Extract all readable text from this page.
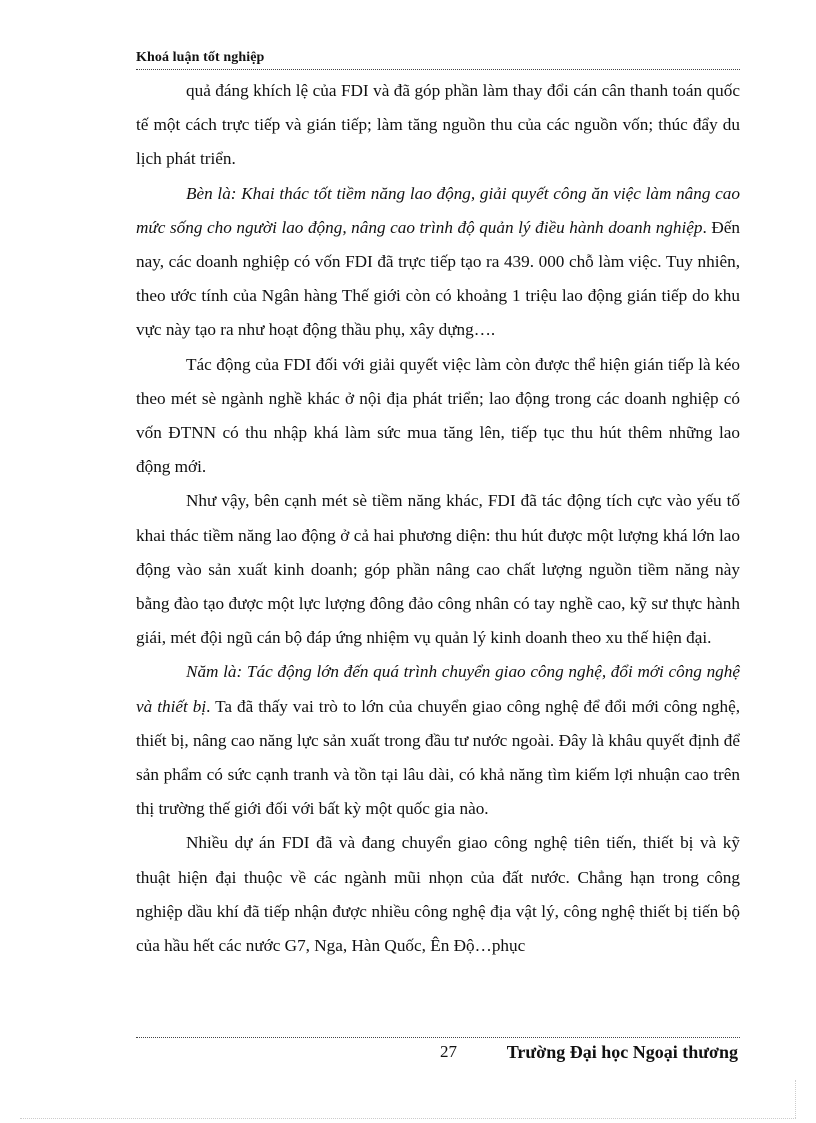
Khoá luận tốt nghiệp

quả đáng khích lệ của FDI và đã góp phần làm thay đổi cán cân thanh toán quốc tế một cách trực tiếp và gián tiếp; làm tăng nguồn thu của các nguồn vốn; thúc đẩy du lịch phát triển.

Bèn là: Khai thác tốt tiềm năng lao động, giải quyết công ăn việc làm nâng cao mức sống cho người lao động, nâng cao trình độ quản lý điều hành doanh nghiệp. Đến nay, các doanh nghiệp có vốn FDI đã trực tiếp tạo ra 439. 000 chỗ làm việc. Tuy nhiên, theo ước tính của Ngân hàng Thế giới còn có khoảng 1 triệu lao động gián tiếp do khu vực này tạo ra như hoạt động thầu phụ, xây dựng….

Tác động của FDI đối với giải quyết việc làm còn được thể hiện gián tiếp là kéo theo mét sè ngành nghề khác ở nội địa phát triển; lao động trong các doanh nghiệp có vốn ĐTNN có thu nhập khá làm sức mua tăng lên, tiếp tục thu hút thêm những lao động mới.

Như vậy, bên cạnh mét sè tiềm năng khác, FDI đã tác động tích cực vào yếu tố khai thác tiềm năng lao động ở cả hai phương diện: thu hút được một lượng khá lớn lao động vào sản xuất kinh doanh; góp phần nâng cao chất lượng nguồn tiềm năng này bằng đào tạo được một lực lượng đông đảo công nhân có tay nghề cao, kỹ sư thực hành giái, mét đội ngũ cán bộ đáp ứng nhiệm vụ quản lý kinh doanh theo xu thế hiện đại.

Năm là: Tác động lớn đến quá trình chuyển giao công nghệ, đổi mới công nghệ và thiết bị. Ta đã thấy vai trò to lớn của chuyển giao công nghệ để đổi mới công nghệ, thiết bị, nâng cao năng lực sản xuất trong đầu tư nước ngoài. Đây là khâu quyết định để sản phẩm có sức cạnh tranh và tồn tại lâu dài, có khả năng tìm kiếm lợi nhuận cao trên thị trường thế giới đối với bất kỳ một quốc gia nào.

Nhiều dự án FDI đã và đang chuyển giao công nghệ tiên tiến, thiết bị và kỹ thuật hiện đại thuộc về các ngành mũi nhọn của đất nước. Chẳng hạn trong công nghiệp dầu khí đã tiếp nhận được nhiều công nghệ địa vật lý, công nghệ thiết bị tiến bộ của hầu hết các nước G7, Nga, Hàn Quốc, Ên Độ…phục

27	Trường Đại học Ngoại thương
